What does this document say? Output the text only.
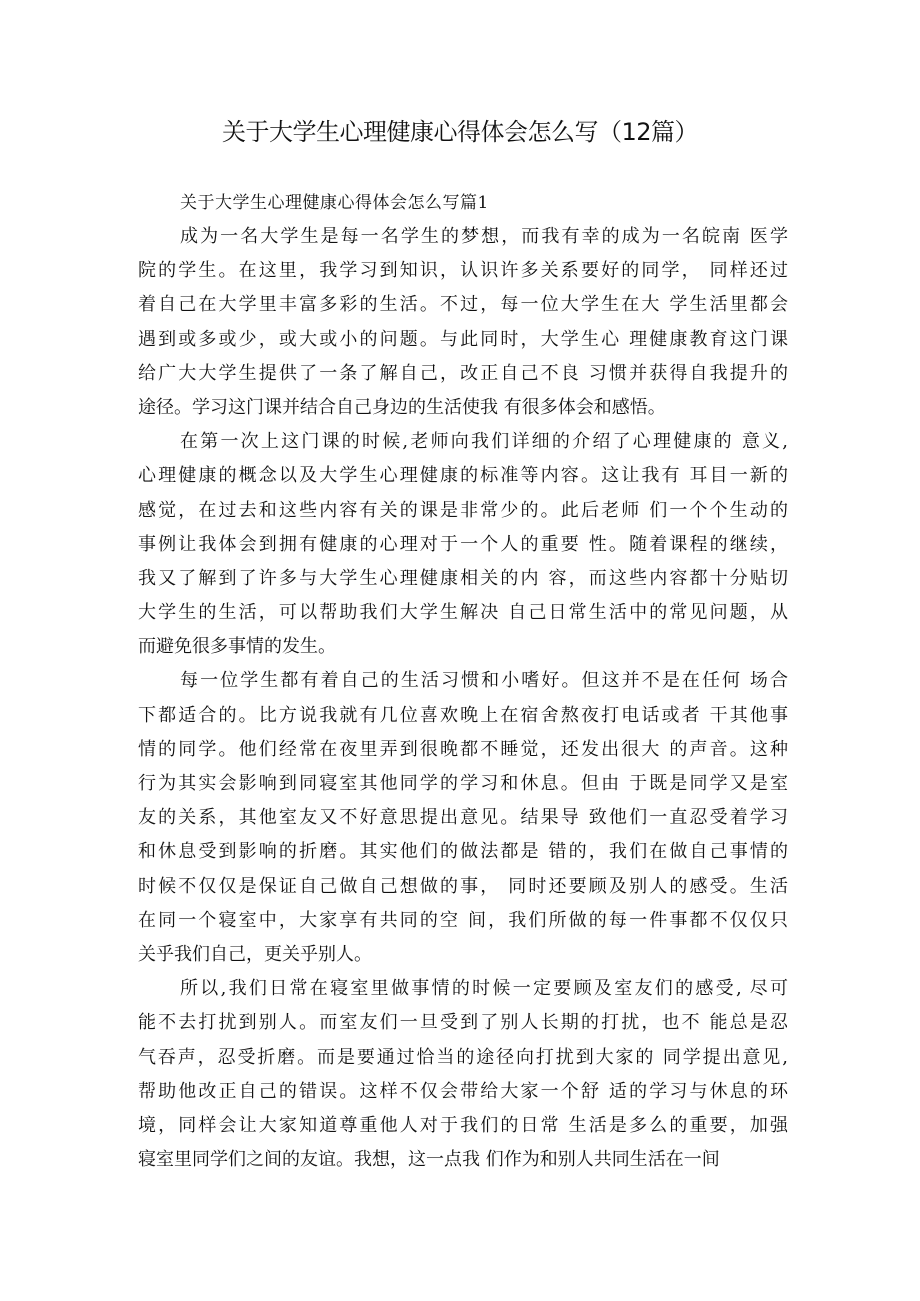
关于大学生心理健康心得体会怎么写（12篇）
关于大学生心理健康心得体会怎么写篇1
成为一名大学生是每一名学生的梦想，而我有幸的成为一名皖南 医学
院的学生。在这里，我学习到知识，认识许多关系要好的同学， 同样还过
着自己在大学里丰富多彩的生活。不过，每一位大学生在大 学生活里都会
遇到或多或少，或大或小的问题。与此同时，大学生心 理健康教育这门课
给广大大学生提供了一条了解自己，改正自己不良 习惯并获得自我提升的
途径。学习这门课并结合自己身边的生活使我 有很多体会和感悟。
在第一次上这门课的时候,老师向我们详细的介绍了心理健康的 意义,
心理健康的概念以及大学生心理健康的标准等内容。这让我有 耳目一新的
感觉，在过去和这些内容有关的课是非常少的。此后老师 们一个个生动的
事例让我体会到拥有健康的心理对于一个人的重要 性。随着课程的继续，
我又了解到了许多与大学生心理健康相关的内 容，而这些内容都十分贴切
大学生的生活，可以帮助我们大学生解决 自己日常生活中的常见问题，从
而避免很多事情的发生。
每一位学生都有着自己的生活习惯和小嗜好。但这并不是在任何 场合
下都适合的。比方说我就有几位喜欢晚上在宿舍熬夜打电话或者 干其他事
情的同学。他们经常在夜里弄到很晚都不睡觉，还发出很大 的声音。这种
行为其实会影响到同寝室其他同学的学习和休息。但由 于既是同学又是室
友的关系，其他室友又不好意思提出意见。结果导 致他们一直忍受着学习
和休息受到影响的折磨。其实他们的做法都是 错的，我们在做自己事情的
时候不仅仅是保证自己做自己想做的事， 同时还要顾及别人的感受。生活
在同一个寝室中，大家享有共同的空 间，我们所做的每一件事都不仅仅只
关乎我们自己，更关乎别人。
所以,我们日常在寝室里做事情的时候一定要顾及室友们的感受, 尽可
能不去打扰到别人。而室友们一旦受到了别人长期的打扰，也不 能总是忍
气吞声，忍受折磨。而是要通过恰当的途径向打扰到大家的 同学提出意见,
帮助他改正自己的错误。这样不仅会带给大家一个舒 适的学习与休息的环
境，同样会让大家知道尊重他人对于我们的日常 生活是多么的重要，加强
寝室里同学们之间的友谊。我想，这一点我 们作为和别人共同生活在一间
